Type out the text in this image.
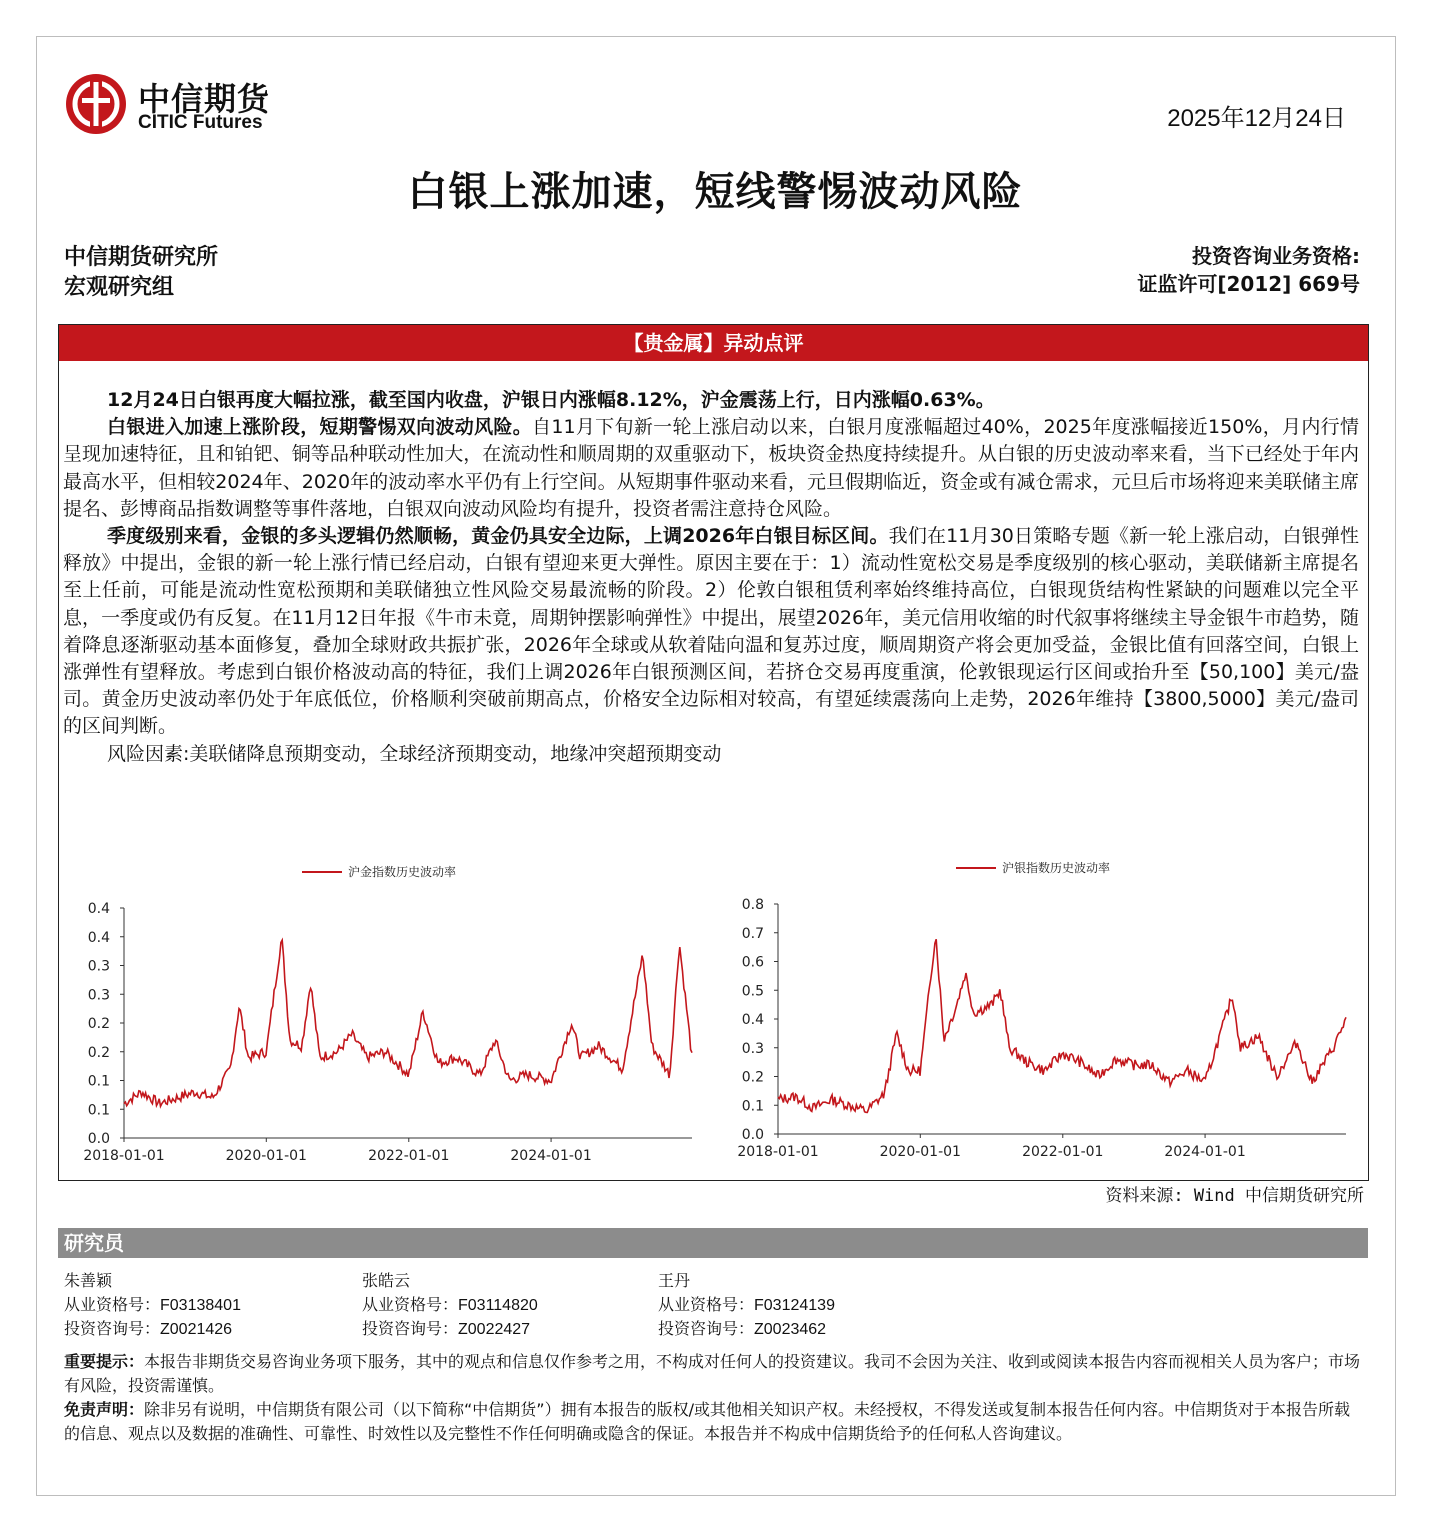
中信期货
CITIC Futures	2025年12月24日
白银上涨加速，短线警惕波动风险
中信期货研究所
宏观研究组
投资咨询业务资格:
证监许可[2012] 669号
【贵金属】异动点评

12月24日白银再度大幅拉涨，截至国内收盘，沪银日内涨幅8.12%，沪金震荡上行，日内涨幅0.63%。

白银进入加速上涨阶段，短期警惕双向波动风险。自11月下旬新一轮上涨启动以来，白银月度涨幅超过40%，2025年度涨幅接近150%，月内行情呈现加速特征，且和铂钯、铜等品种联动性加大，在流动性和顺周期的双重驱动下，板块资金热度持续提升。从白银的历史波动率来看，当下已经处于年内最高水平，但相较2024年、2020年的波动率水平仍有上行空间。从短期事件驱动来看，元旦假期临近，资金或有减仓需求，元旦后市场将迎来美联储主席提名、彭博商品指数调整等事件落地，白银双向波动风险均有提升，投资者需注意持仓风险。

季度级别来看，金银的多头逻辑仍然顺畅，黄金仍具安全边际，上调2026年白银目标区间。我们在11月30日策略专题《新一轮上涨启动，白银弹性释放》中提出，金银的新一轮上涨行情已经启动，白银有望迎来更大弹性。原因主要在于：1）流动性宽松交易是季度级别的核心驱动，美联储新主席提名至上任前，可能是流动性宽松预期和美联储独立性风险交易最流畅的阶段。2）伦敦白银租赁利率始终维持高位，白银现货结构性紧缺的问题难以完全平息，一季度或仍有反复。在11月12日年报《牛市未竟，周期钟摆影响弹性》中提出，展望2026年，美元信用收缩的时代叙事将继续主导金银牛市趋势，随着降息逐渐驱动基本面修复，叠加全球财政共振扩张，2026年全球或从软着陆向温和复苏过度，顺周期资产将会更加受益，金银比值有回落空间，白银上涨弹性有望释放。考虑到白银价格波动高的特征，我们上调2026年白银预测区间，若挤仓交易再度重演，伦敦银现运行区间或抬升至【50,100】美元/盎司。黄金历史波动率仍处于年底低位，价格顺利突破前期高点，价格安全边际相对较高，有望延续震荡向上走势，2026年维持【3800,5000】美元/盎司的区间判断。

风险因素:美联储降息预期变动，全球经济预期变动，地缘冲突超预期变动

沪金指数历史波动率
0.0
0.1
0.1
0.2
0.2
0.3
0.3
0.4
0.4
2018-01-01	2020-01-01	2022-01-01	2024-01-01
沪银指数历史波动率
0.0
0.1
0.2
0.3
0.4
0.5
0.6
0.7
0.8
2018-01-01	2020-01-01	2022-01-01	2024-01-01
资料来源: Wind 中信期货研究所
研究员
朱善颖
从业资格号：F03138401
投资咨询号：Z0021426
张皓云
从业资格号：F03114820
投资咨询号：Z0022427
王丹
从业资格号：F03124139
投资咨询号：Z0023462
重要提示：本报告非期货交易咨询业务项下服务，其中的观点和信息仅作参考之用，不构成对任何人的投资建议。我司不会因为关注、收到或阅读本报告内容而视相关人员为客户；市场有风险，投资需谨慎。
免责声明：除非另有说明，中信期货有限公司（以下简称“中信期货”）拥有本报告的版权/或其他相关知识产权。未经授权，不得发送或复制本报告任何内容。中信期货对于本报告所载的信息、观点以及数据的准确性、可靠性、时效性以及完整性不作任何明确或隐含的保证。本报告并不构成中信期货给予的任何私人咨询建议。
